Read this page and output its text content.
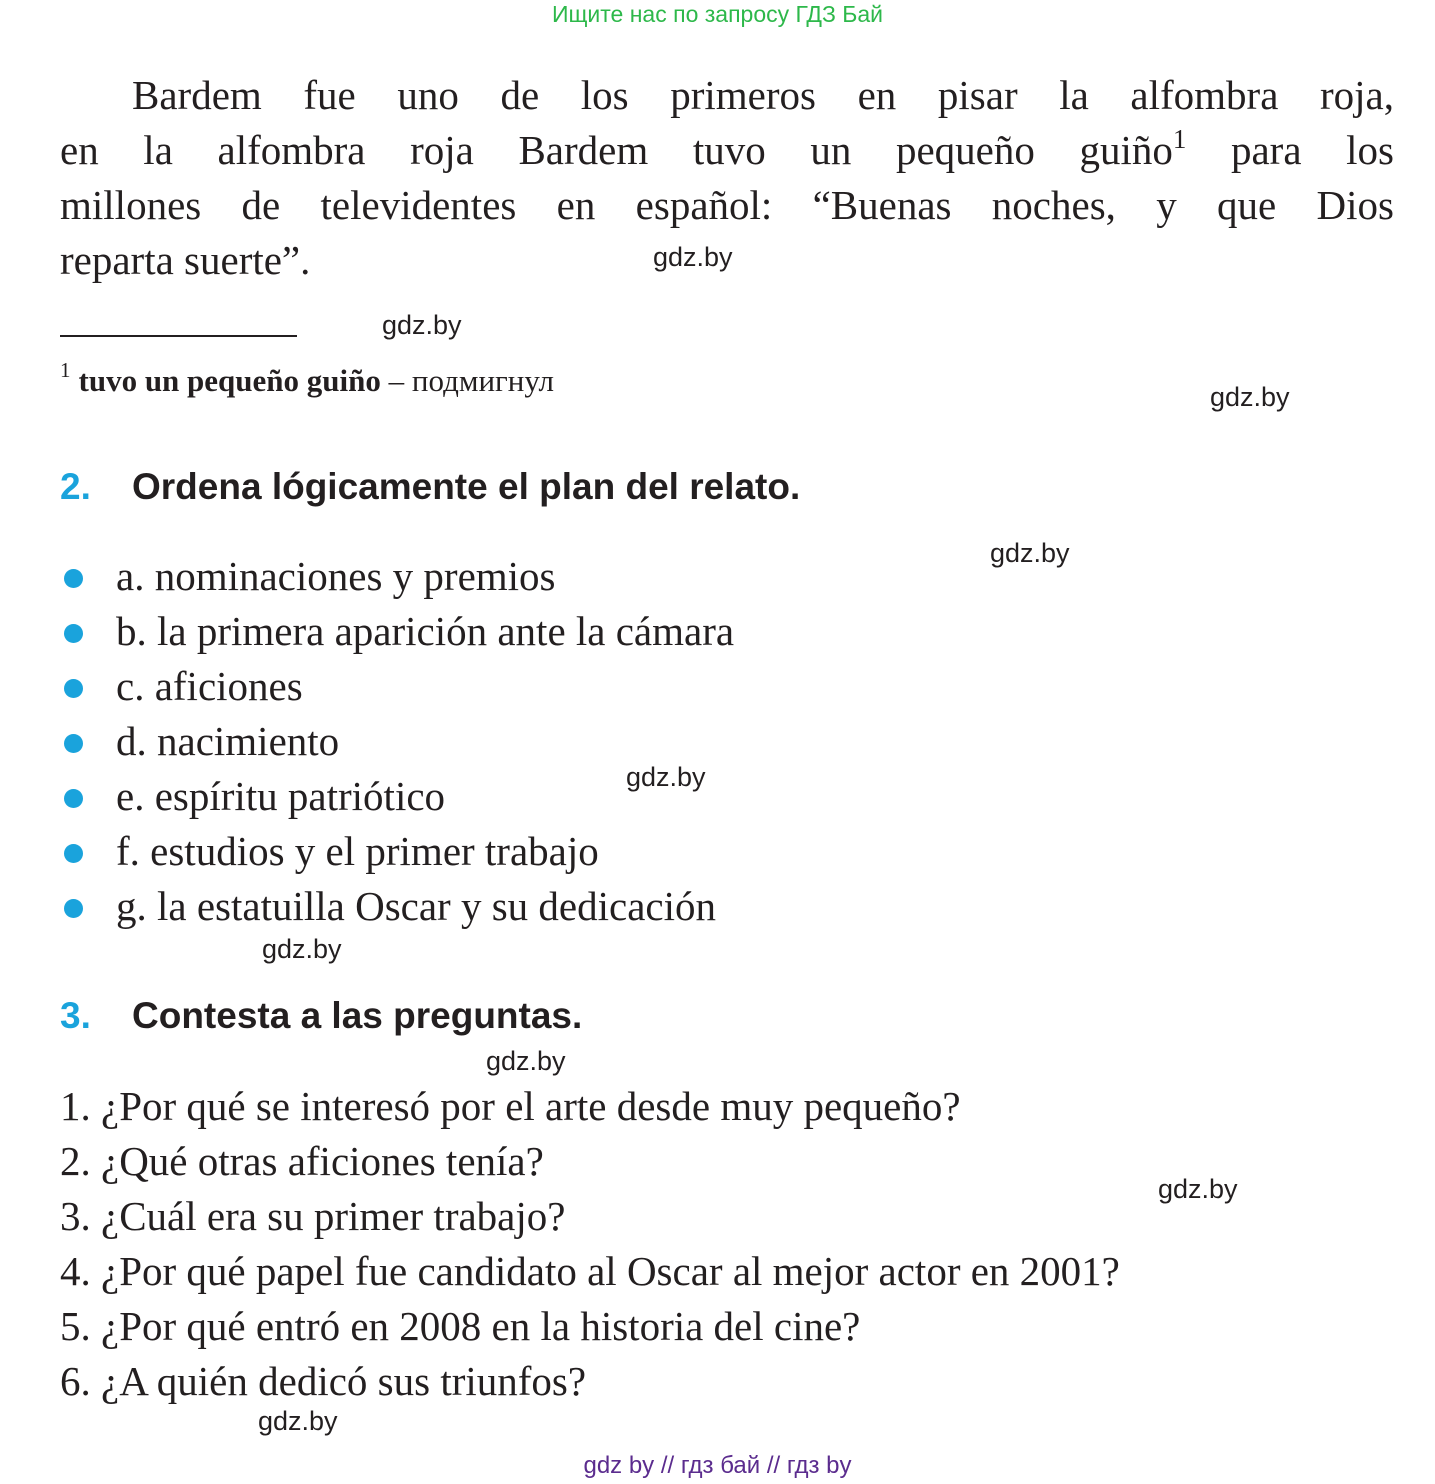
Ищите нас по запросу ГДЗ Бай
Bardem fue uno de los primeros en pisar la alfombra roja,
en la alfombra roja Bardem tuvo un pequeño guiño$^1$ para los
millones de televidentes en español: “Buenas noches, y que Dios
reparta suerte”.	gdz.by
gdz.by
$^1$ tuvo un pequeño guiño – подмигнул	gdz.by
2. Ordena lógicamente el plan del relato.
gdz.by
a. nominaciones y premios
b. la primera aparición ante la cámara
c. aficiones
d. nacimiento
gdz.by
e. espíritu patriótico
f. estudios y el primer trabajo
g. la estatuilla Oscar y su dedicación
gdz.by
3. Contesta a las preguntas.
gdz.by
1. ¿Por qué se interesó por el arte desde muy pequeño?
2. ¿Qué otras aficiones tenía?
gdz.by
3. ¿Cuál era su primer trabajo?
4. ¿Por qué papel fue candidato al Oscar al mejor actor en 2001?
5. ¿Por qué entró en 2008 en la historia del cine?
6. ¿A quién dedicó sus triunfos?
gdz.by
gdz by // гдз бай // гдз by
